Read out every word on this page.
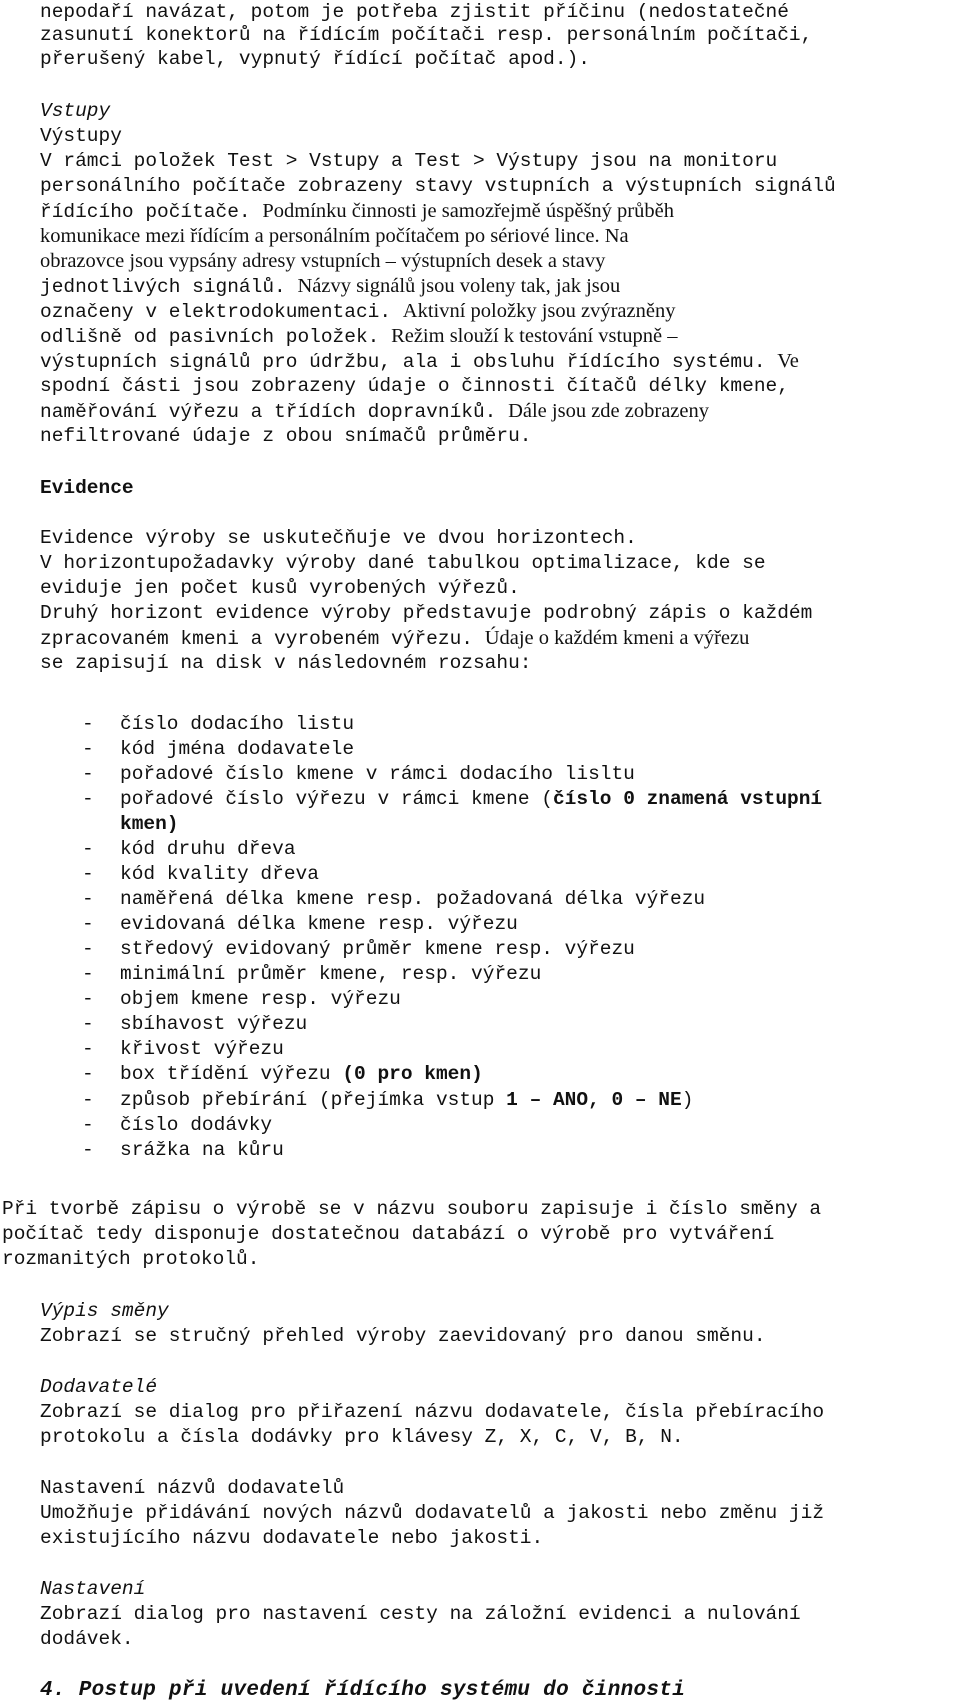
nepodaří navázat, potom je potřeba zjistit příčinu (nedostatečné
zasunutí konektorů na řídícím počítači resp. personálním počítači,
přerušený kabel, vypnutý řídící počítač apod.).
Vstupy
Výstupy
V rámci položek Test > Vstupy a Test > Výstupy jsou na monitoru
personálního počítače zobrazeny stavy vstupních a výstupních signálů
řídícího počítače. Podmínku činnosti je samozřejmě úspěšný průběh
komunikace mezi řídícím a personálním počítačem po sériové lince. Na
obrazovce jsou vypsány adresy vstupních – výstupních desek a stavy
jednotlivých signálů. Názvy signálů jsou voleny tak, jak jsou
označeny v elektrodokumentaci. Aktivní položky jsou zvýrazněny
odlišně od pasivních položek. Režim slouží k testování vstupně –
výstupních signálů pro údržbu, ala i obsluhu řídícího systému. Ve
spodní části jsou zobrazeny údaje o činnosti čítačů délky kmene,
naměřování výřezu a třídích dopravníků. Dále jsou zde zobrazeny
nefiltrované údaje z obou snímačů průměru.
Evidence
Evidence výroby se uskutečňuje ve dvou horizontech.
V horizontupožadavky výroby dané tabulkou optimalizace, kde se
eviduje jen počet kusů vyrobených výřezů.
Druhý horizont evidence výroby představuje podrobný zápis o každém
zpracovaném kmeni a vyrobeném výřezu. Údaje o každém kmeni a výřezu
se zapisují na disk v následovném rozsahu:
- číslo dodacího listu
- kód jména dodavatele
- pořadové číslo kmene v rámci dodacího lisltu
- pořadové číslo výřezu v rámci kmene (číslo 0 znamená vstupní
kmen)
- kód druhu dřeva
- kód kvality dřeva
- naměřená délka kmene resp. požadovaná délka výřezu
- evidovaná délka kmene resp. výřezu
- středový evidovaný průměr kmene resp. výřezu
- minimální průměr kmene, resp. výřezu
- objem kmene resp. výřezu
- sbíhavost výřezu
- křivost výřezu
- box třídění výřezu (0 pro kmen)
- způsob přebírání (přejímka vstup 1 – ANO, 0 – NE)
- číslo dodávky
- srážka na kůru
Při tvorbě zápisu o výrobě se v názvu souboru zapisuje i číslo směny a
počítač tedy disponuje dostatečnou databází o výrobě pro vytváření
rozmanitých protokolů.
Výpis směny
Zobrazí se stručný přehled výroby zaevidovaný pro danou směnu.
Dodavatelé
Zobrazí se dialog pro přiřazení názvu dodavatele, čísla přebíracího
protokolu a čísla dodávky pro klávesy Z, X, C, V, B, N.
Nastavení názvů dodavatelů
Umožňuje přidávání nových názvů dodavatelů a jakosti nebo změnu již
existujícího názvu dodavatele nebo jakosti.
Nastavení
Zobrazí dialog pro nastavení cesty na záložní evidenci a nulování
dodávek.
4. Postup při uvedení řídícího systému do činnosti
